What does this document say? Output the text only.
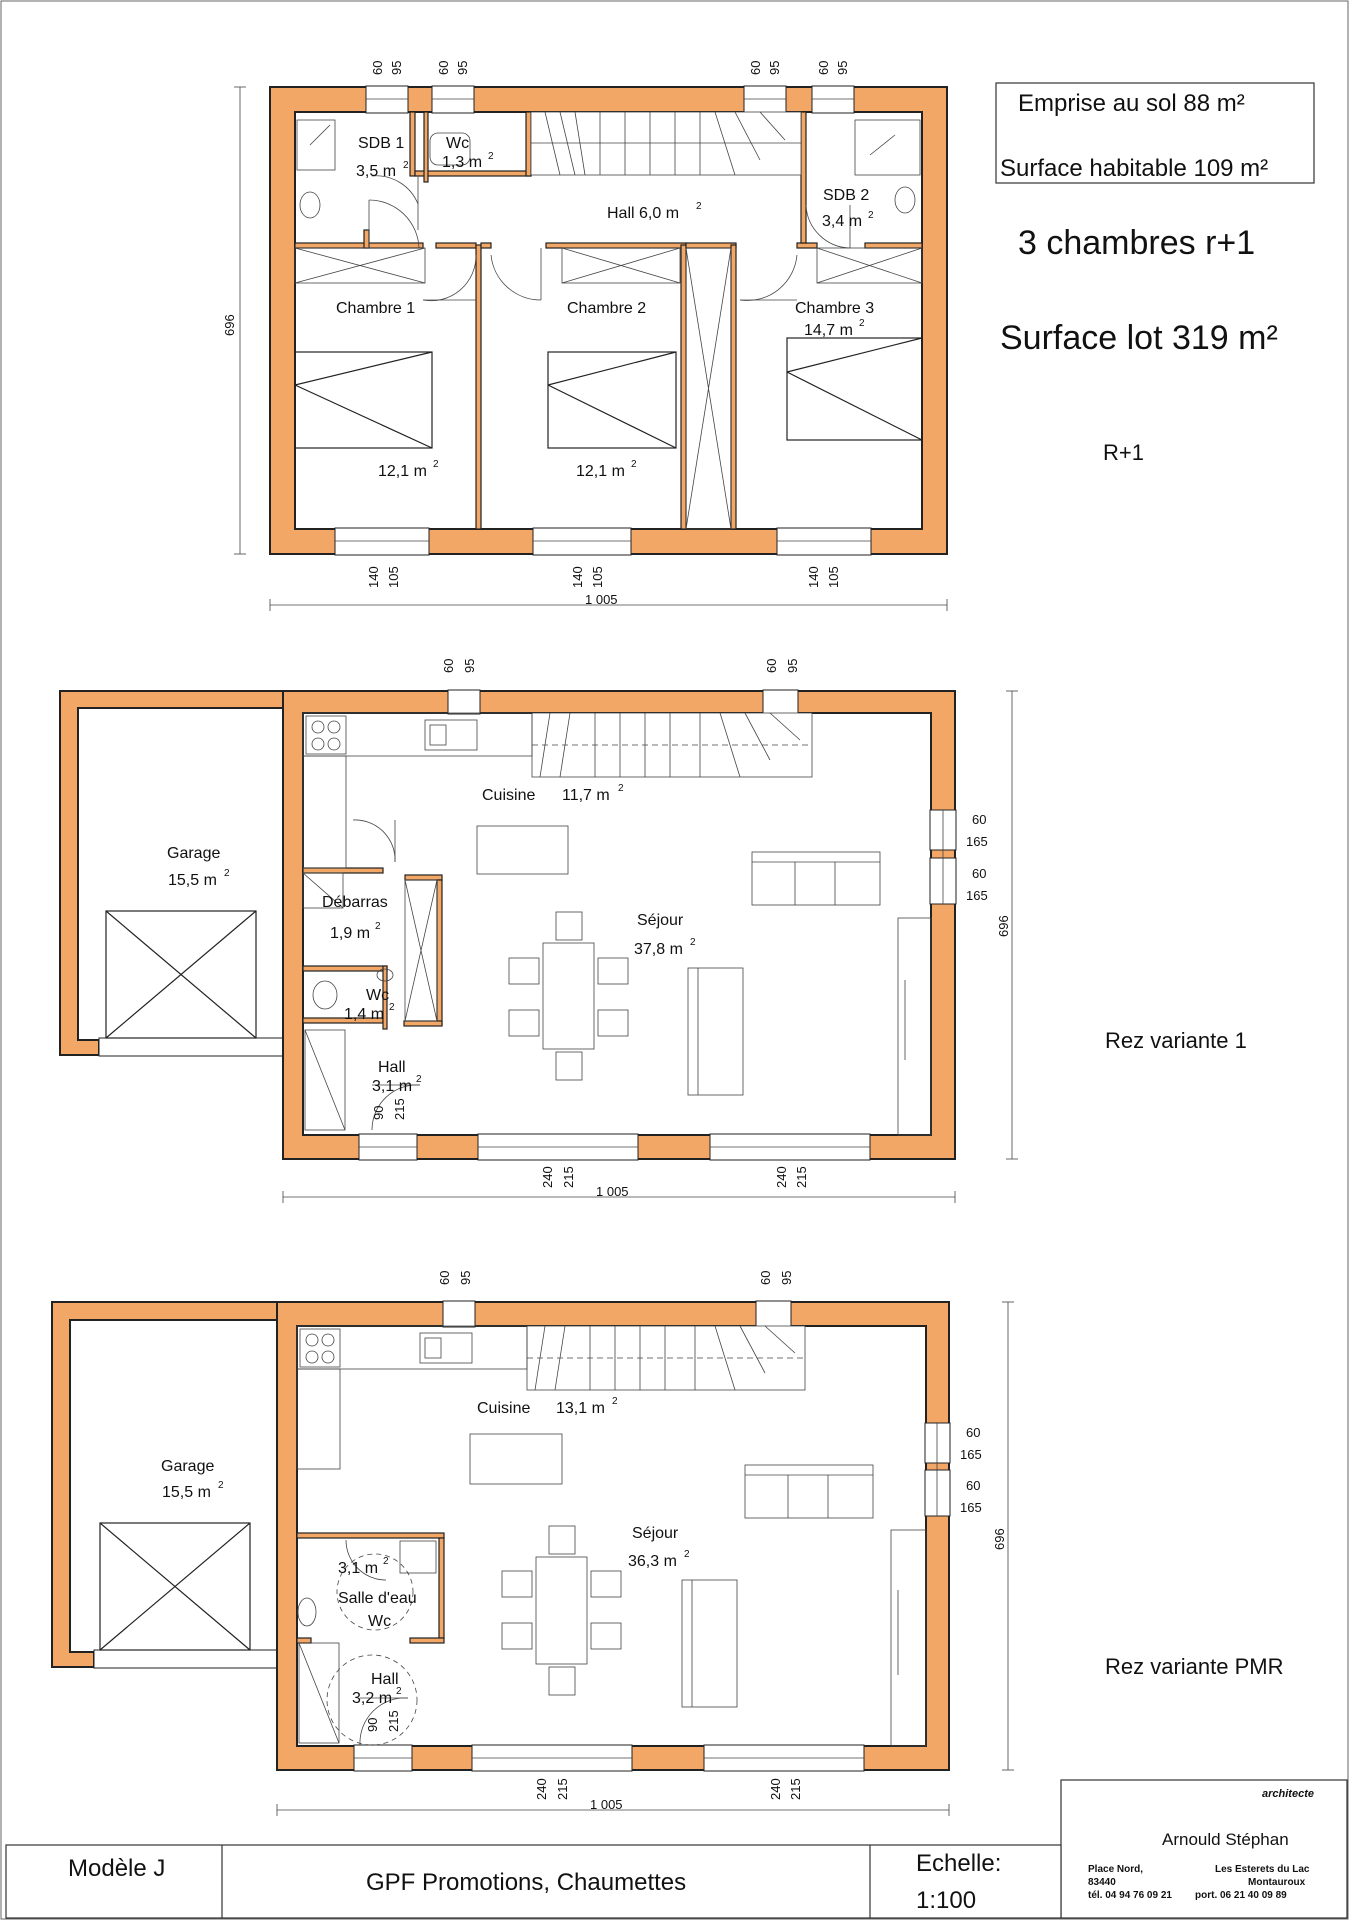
Emprise au sol 88 m²
Surface habitable 109 m²
3 chambres r+1
Surface lot 319 m²
R+1
SDB 1
3,5 m 2
Wc
1,3 m 2
Hall 6,0 m 2
SDB 2
3,4 m 2
Chambre 1
12,1 m 2
Chambre 2
12,1 m 2
Chambre 3
14,7 m 2
696
1 005
60 95 60 95	60 95	60 95
140 105	140 105	140 105
Rez variante 1
Garage
15,5 m 2
Cuisine 11,7 m 2
Débarras
1,9 m 2	Séjour
37,8 m 2
Wc
1,4 m 2
Hall
3,1 m 2
696
1 005
60 95	60 95
60
165
60
165
240 215	240 215
90 215
Rez variante PMR
Garage
15,5 m 2
Cuisine 13,1 m 2
Séjour
36,3 m 2
3,1 m 2
Salle d'eau
Wc
Hall
3,2 m 2
696
1 005
60 95	60 95
60
165
60
165
240 215	240 215
90 215
Modèle J
GPF Promotions, Chaumettes
Echelle:
1:100
architecte
Arnould Stéphan
Place Nord,	Les Esterets du Lac
83440	Montauroux
tél. 04 94 76 09 21 port. 06 21 40 09 89
